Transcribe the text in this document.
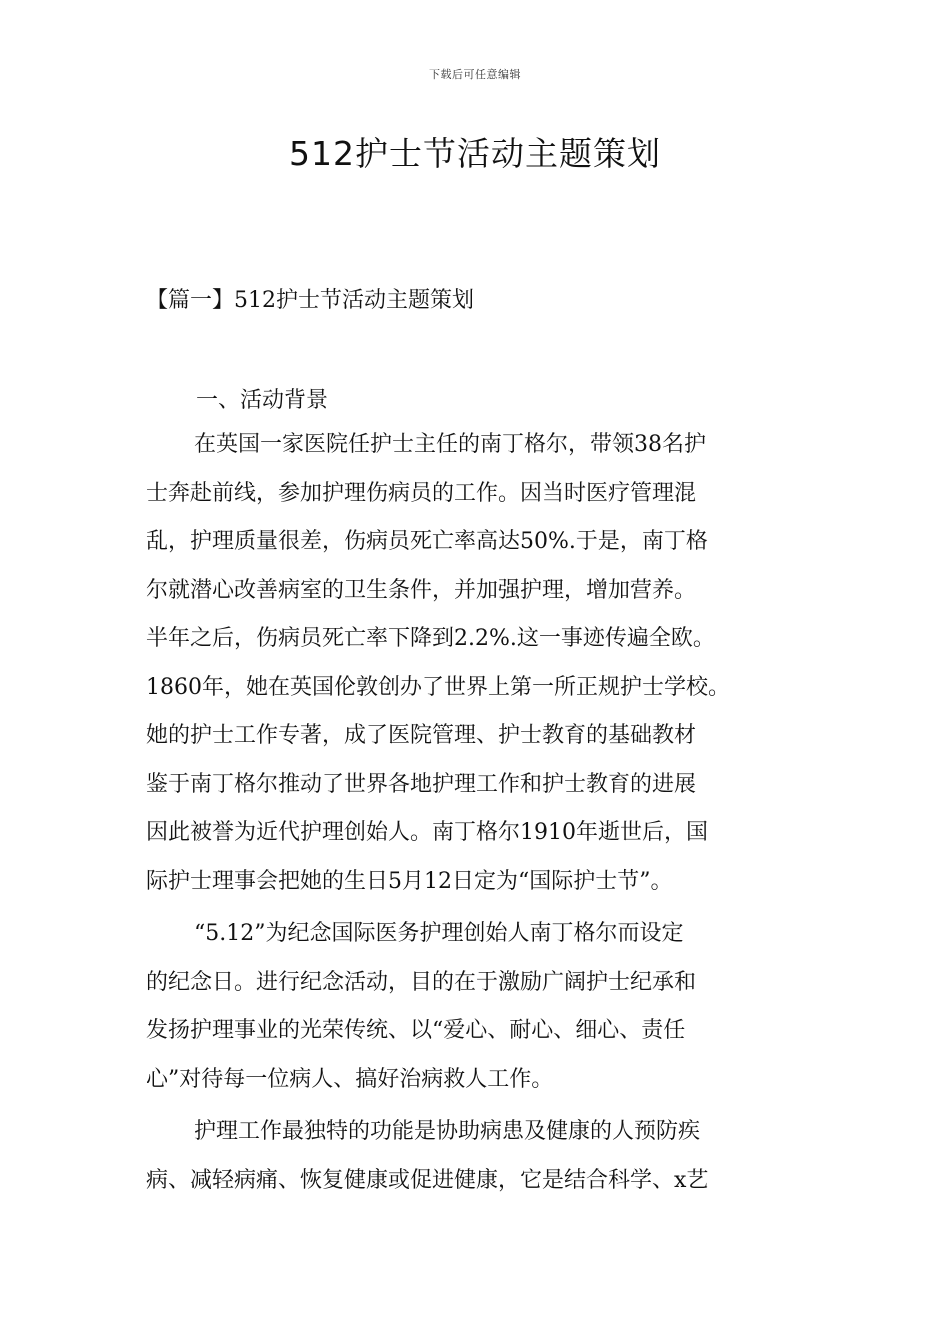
下载后可任意编辑
512护士节活动主题策划
【篇一】512护士节活动主题策划
一、活动背景

在英国一家医院任护士主任的南丁格尔，带领38名护
士奔赴前线，参加护理伤病员的工作。因当时医疗管理混
乱，护理质量很差，伤病员死亡率高达50%.于是，南丁格
尔就潜心改善病室的卫生条件，并加强护理，增加营养。
半年之后，伤病员死亡率下降到2.2%.这一事迹传遍全欧。
1860年，她在英国伦敦创办了世界上第一所正规护士学校。
她的护士工作专著，成了医院管理、护士教育的基础教材
鉴于南丁格尔推动了世界各地护理工作和护士教育的进展
因此被誉为近代护理创始人。南丁格尔1910年逝世后，国
际护士理事会把她的生日5月12日定为“国际护士节”。

“5.12”为纪念国际医务护理创始人南丁格尔而设定
的纪念日。进行纪念活动，目的在于激励广阔护士纪承和
发扬护理事业的光荣传统、以“爱心、耐心、细心、责任
心”对待每一位病人、搞好治病救人工作。

护理工作最独特的功能是协助病患及健康的人预防疾
病、减轻病痛、恢复健康或促进健康，它是结合科学、x艺
